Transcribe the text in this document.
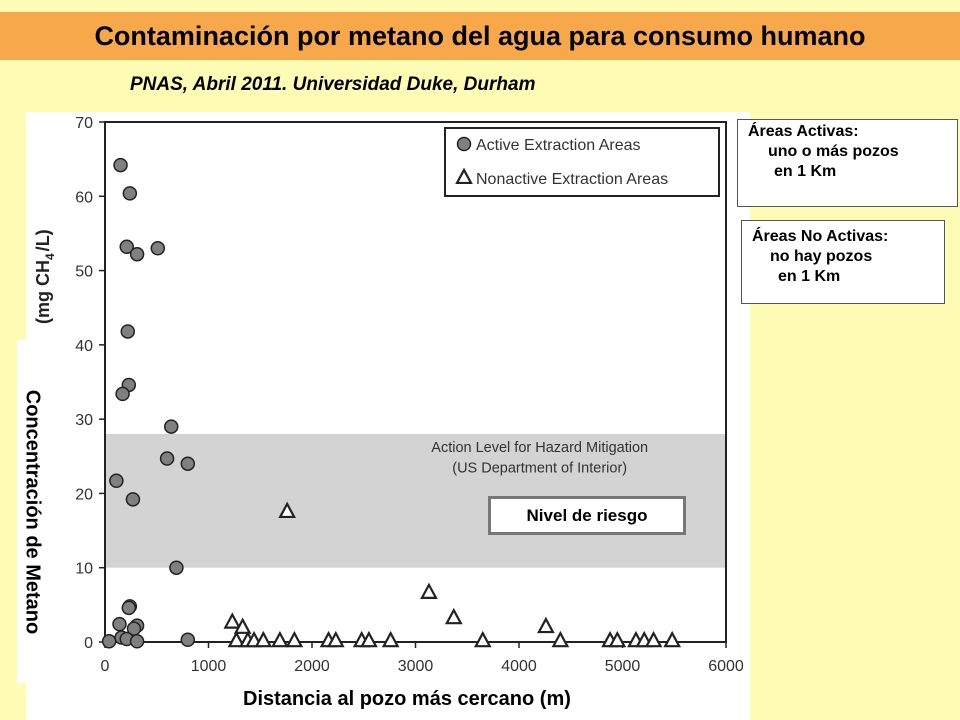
Contaminación por metano del agua para consumo humano
PNAS, Abril 2011. Universidad Duke, Durham
Action Level for Hazard Mitigation
(US Department of Interior)
0
10
20
30
40
50
60
70
0	1000	2000	3000	4000	5000	6000
(mg $CH_4/L$)
Active Extraction Areas
Nonactive Extraction Areas
Áreas Activas:
uno o más pozos
en 1 Km
Áreas No Activas:
no hay pozos
en 1 Km
Concentración de Metano
Distancia al pozo más cercano (m)
Nivel de riesgo
